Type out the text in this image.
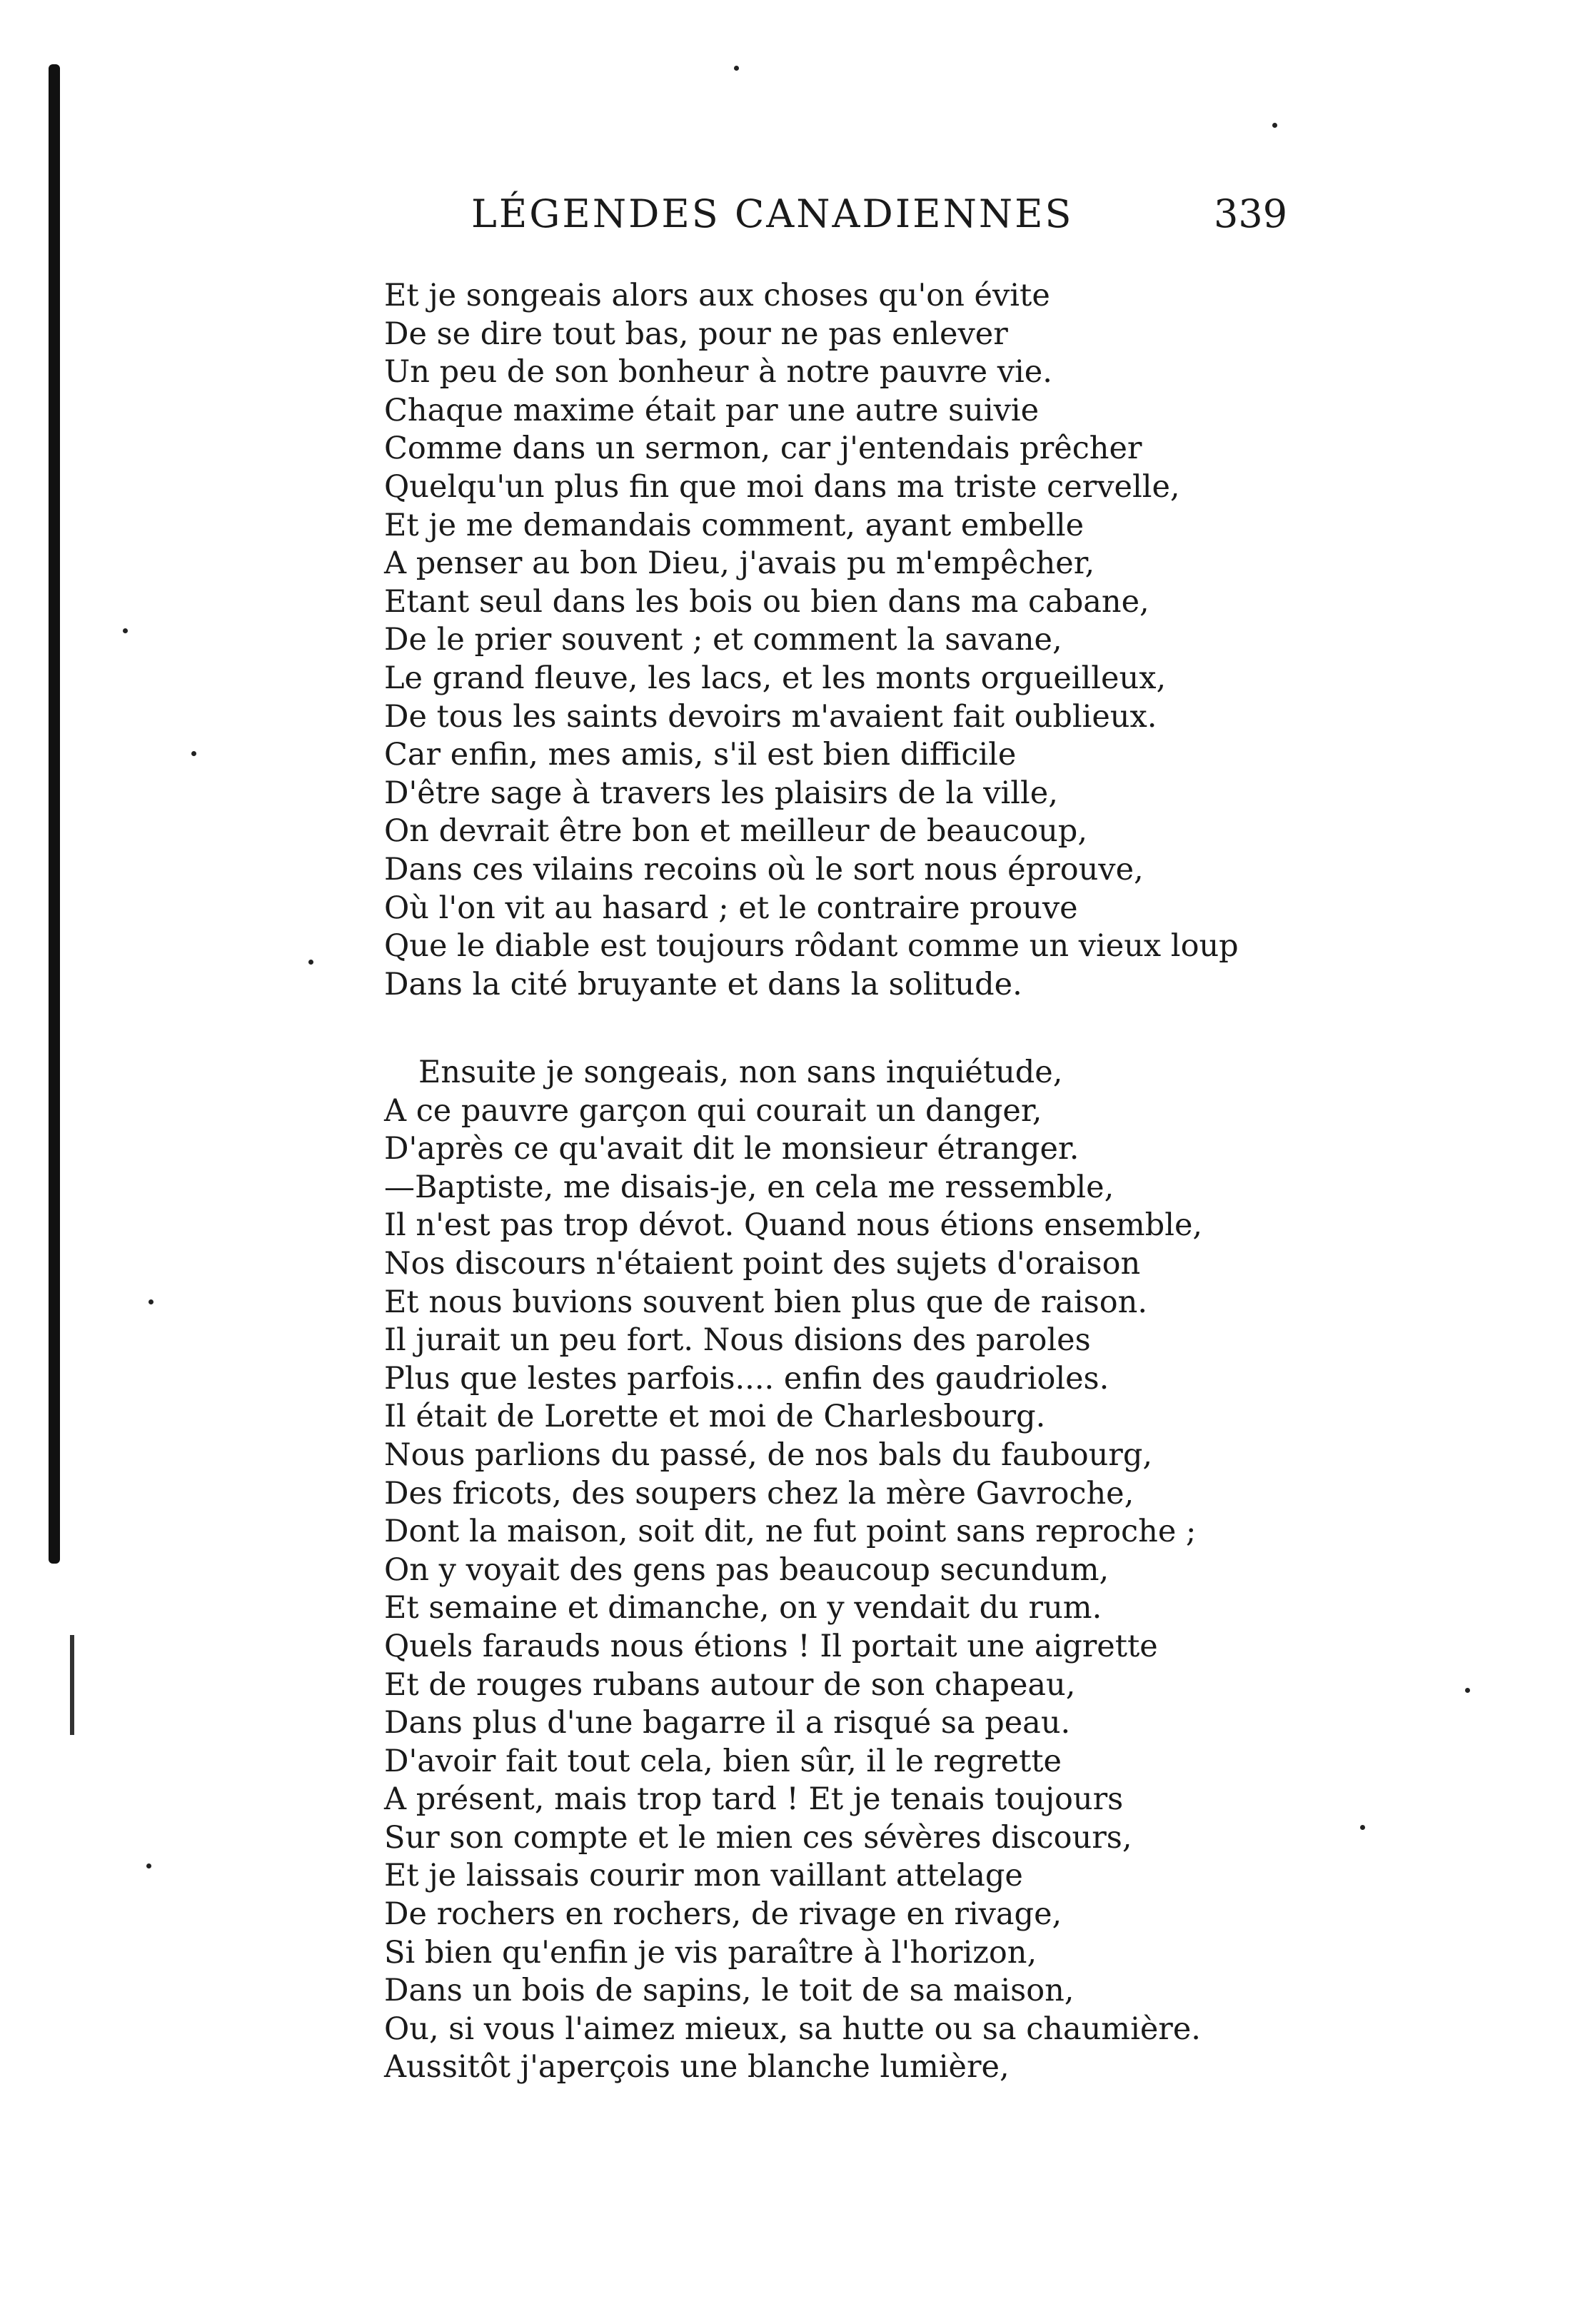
LÉGENDES CANADIENNES	339
Et je songeais alors aux choses qu'on évite
De se dire tout bas, pour ne pas enlever
Un peu de son bonheur à notre pauvre vie.
Chaque maxime était par une autre suivie
Comme dans un sermon, car j'entendais prêcher
Quelqu'un plus fin que moi dans ma triste cervelle,
Et je me demandais comment, ayant embelle
A penser au bon Dieu, j'avais pu m'empêcher,
Etant seul dans les bois ou bien dans ma cabane,
De le prier souvent ; et comment la savane,
Le grand fleuve, les lacs, et les monts orgueilleux,
De tous les saints devoirs m'avaient fait oublieux.
Car enfin, mes amis, s'il est bien difficile
D'être sage à travers les plaisirs de la ville,
On devrait être bon et meilleur de beaucoup,
Dans ces vilains recoins où le sort nous éprouve,
Où l'on vit au hasard ; et le contraire prouve
Que le diable est toujours rôdant comme un vieux loup
Dans la cité bruyante et dans la solitude.
Ensuite je songeais, non sans inquiétude,
A ce pauvre garçon qui courait un danger,
D'après ce qu'avait dit le monsieur étranger.
—Baptiste, me disais-je, en cela me ressemble,
Il n'est pas trop dévot. Quand nous étions ensemble,
Nos discours n'étaient point des sujets d'oraison
Et nous buvions souvent bien plus que de raison.
Il jurait un peu fort. Nous disions des paroles
Plus que lestes parfois.... enfin des gaudrioles.
Il était de Lorette et moi de Charlesbourg.
Nous parlions du passé, de nos bals du faubourg,
Des fricots, des soupers chez la mère Gavroche,
Dont la maison, soit dit, ne fut point sans reproche ;
On y voyait des gens pas beaucoup secundum,
Et semaine et dimanche, on y vendait du rum.
Quels farauds nous étions ! Il portait une aigrette
Et de rouges rubans autour de son chapeau,
Dans plus d'une bagarre il a risqué sa peau.
D'avoir fait tout cela, bien sûr, il le regrette
A présent, mais trop tard ! Et je tenais toujours
Sur son compte et le mien ces sévères discours,
Et je laissais courir mon vaillant attelage
De rochers en rochers, de rivage en rivage,
Si bien qu'enfin je vis paraître à l'horizon,
Dans un bois de sapins, le toit de sa maison,
Ou, si vous l'aimez mieux, sa hutte ou sa chaumière.
Aussitôt j'aperçois une blanche lumière,
